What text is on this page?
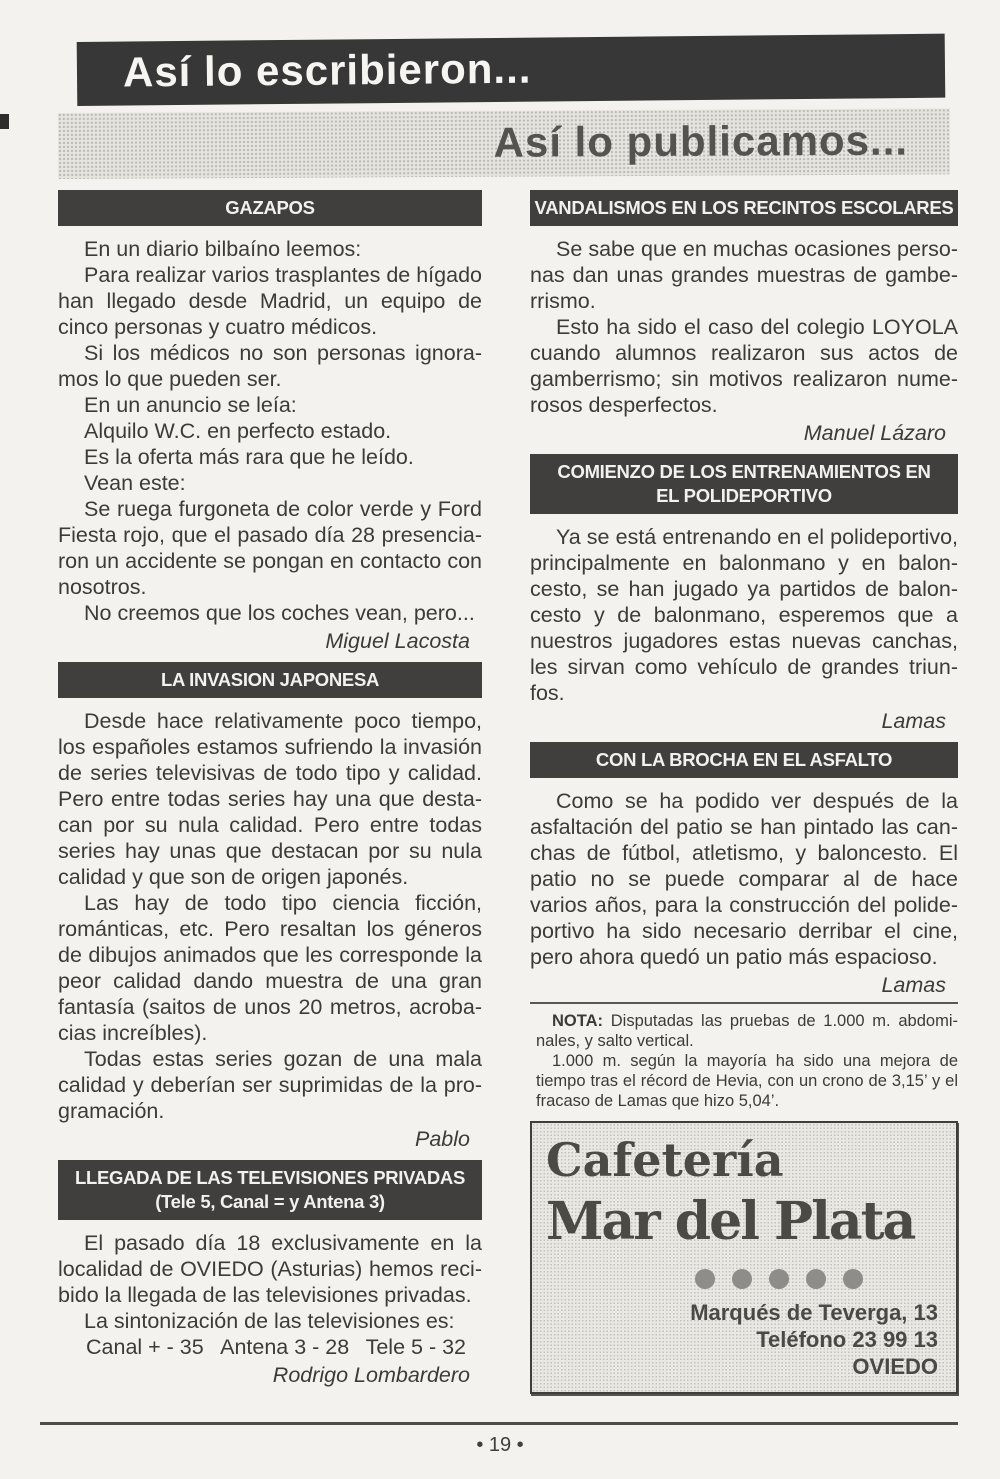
Así lo escribieron...
Así lo publicamos...
GAZAPOS

En un diario bilbaíno leemos:

Para realizar varios trasplantes de hígado han llegado desde Madrid, un equipo de cinco personas y cuatro médicos.

Si los médicos no son personas ignoramos lo que pueden ser.

En un anuncio se leía:

Alquilo W.C. en perfecto estado.

Es la oferta más rara que he leído.

Vean este:

Se ruega furgoneta de color verde y Ford Fiesta rojo, que el pasado día 28 presenciaron un accidente se pongan en contacto con nosotros.

No creemos que los coches vean, pero...

Miguel Lacosta

LA INVASION JAPONESA

Desde hace relativamente poco tiempo, los españoles estamos sufriendo la invasión de series televisivas de todo tipo y calidad. Pero entre todas series hay una que destacan por su nula calidad. Pero entre todas series hay unas que destacan por su nula calidad y que son de origen japonés.

Las hay de todo tipo ciencia ficción, románticas, etc. Pero resaltan los géneros de dibujos animados que les corresponde la peor calidad dando muestra de una gran fantasía (saitos de unos 20 metros, acrobacias increíbles).

Todas estas series gozan de una mala calidad y deberían ser suprimidas de la programación.

Pablo

LLEGADA DE LAS TELEVISIONES PRIVADAS
(Tele 5, Canal = y Antena 3)

El pasado día 18 exclusivamente en la localidad de OVIEDO (Asturias) hemos recibido la llegada de las televisiones privadas.

La sintonización de las televisiones es:

Canal + - 35 Antena 3 - 28 Tele 5 - 32

Rodrigo Lombardero

VANDALISMOS EN LOS RECINTOS ESCOLARES

Se sabe que en muchas ocasiones personas dan unas grandes muestras de gamberrismo.

Esto ha sido el caso del colegio LOYOLA cuando alumnos realizaron sus actos de gamberrismo; sin motivos realizaron numerosos desperfectos.

Manuel Lázaro

COMIENZO DE LOS ENTRENAMIENTOS EN
EL POLIDEPORTIVO

Ya se está entrenando en el polideportivo, principalmente en balonmano y en baloncesto, se han jugado ya partidos de baloncesto y de balonmano, esperemos que a nuestros jugadores estas nuevas canchas, les sirvan como vehículo de grandes triunfos.

Lamas

CON LA BROCHA EN EL ASFALTO

Como se ha podido ver después de la asfaltación del patio se han pintado las canchas de fútbol, atletismo, y baloncesto. El patio no se puede comparar al de hace varios años, para la construcción del polideportivo ha sido necesario derribar el cine, pero ahora quedó un patio más espacioso.

Lamas

NOTA: Disputadas las pruebas de 1.000 m. abdominales, y salto vertical.

1.000 m. según la mayoría ha sido una mejora de tiempo tras el récord de Hevia, con un crono de 3,15’ y el fracaso de Lamas que hizo 5,04’.

Cafetería
Mar del Plata
Marqués de Teverga, 13
Teléfono 23 99 13
OVIEDO
• 19 •
